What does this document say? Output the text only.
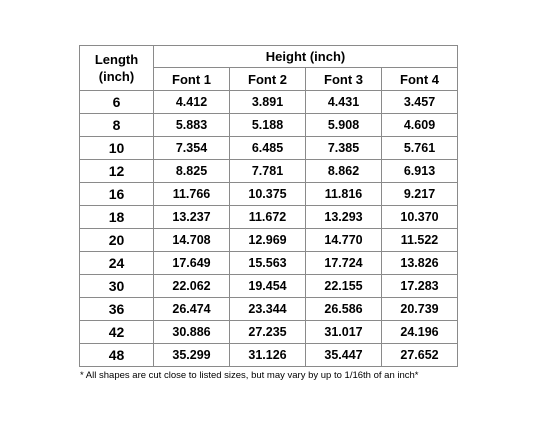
Length
(inch)	Height (inch)			
	Font 1	Font 2	Font 3	Font 4
6	4.412	3.891	4.431	3.457
8	5.883	5.188	5.908	4.609
10	7.354	6.485	7.385	5.761
12	8.825	7.781	8.862	6.913
16	11.766	10.375	11.816	9.217
18	13.237	11.672	13.293	10.370
20	14.708	12.969	14.770	11.522
24	17.649	15.563	17.724	13.826
30	22.062	19.454	22.155	17.283
36	26.474	23.344	26.586	20.739
42	30.886	27.235	31.017	24.196
48	35.299	31.126	35.447	27.652
* All shapes are cut close to listed sizes, but may vary by up to 1/16th of an inch*
